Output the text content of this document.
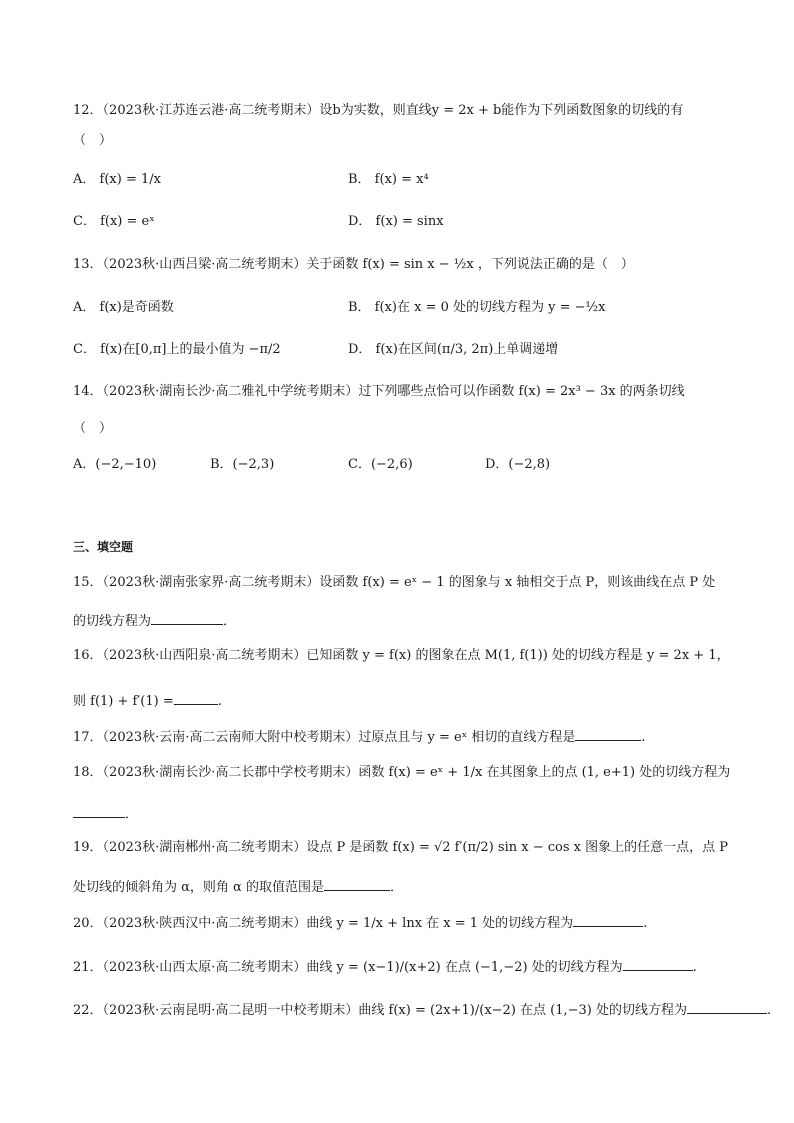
12．（2023秋·江苏连云港·高二统考期末）设b为实数，则直线y = 2x + b能作为下列函数图象的切线的有
（　）
A． f(x) = 1/x	B． f(x) = x⁴
C． f(x) = eˣ	D． f(x) = sinx
13．（2023秋·山西吕梁·高二统考期末）关于函数 f(x) = sin x − ½x ，下列说法正确的是（　）
A． f(x)是奇函数	B． f(x)在 x = 0 处的切线方程为 y = −½x
C． f(x)在[0,π]上的最小值为 −π/2	D． f(x)在区间(π/3, 2π)上单调递增
14．（2023秋·湖南长沙·高二雅礼中学统考期末）过下列哪些点恰可以作函数 f(x) = 2x³ − 3x 的两条切线
（　）
A．(−2,−10)	B．(−2,3)	C．(−2,6)	D．(−2,8)
三、填空题
15．（2023秋·湖南张家界·高二统考期末）设函数 f(x) = eˣ − 1 的图象与 x 轴相交于点 P，则该曲线在点 P 处
的切线方程为	．
16．（2023秋·山西阳泉·高二统考期末）已知函数 y = f(x) 的图象在点 M(1, f(1)) 处的切线方程是 y = 2x + 1，
则 f(1) + f′(1) =	.
17．（2023秋·云南·高二云南师大附中校考期末）过原点且与 y = eˣ 相切的直线方程是	.
18．（2023秋·湖南长沙·高二长郡中学校考期末）函数 f(x) = eˣ + 1/x 在其图象上的点 (1, e+1) 处的切线方程为
．
19．（2023秋·湖南郴州·高二统考期末）设点 P 是函数 f(x) = √2 f′(π/2) sin x − cos x 图象上的任意一点，点 P
处切线的倾斜角为 α，则角 α 的取值范围是	．
20．（2023秋·陕西汉中·高二统考期末）曲线 y = 1/x + lnx 在 x = 1 处的切线方程为	.
21．（2023秋·山西太原·高二统考期末）曲线 y = (x−1)/(x+2) 在点 (−1,−2) 处的切线方程为	.
22．（2023秋·云南昆明·高二昆明一中校考期末）曲线 f(x) = (2x+1)/(x−2) 在点 (1,−3) 处的切线方程为	.
